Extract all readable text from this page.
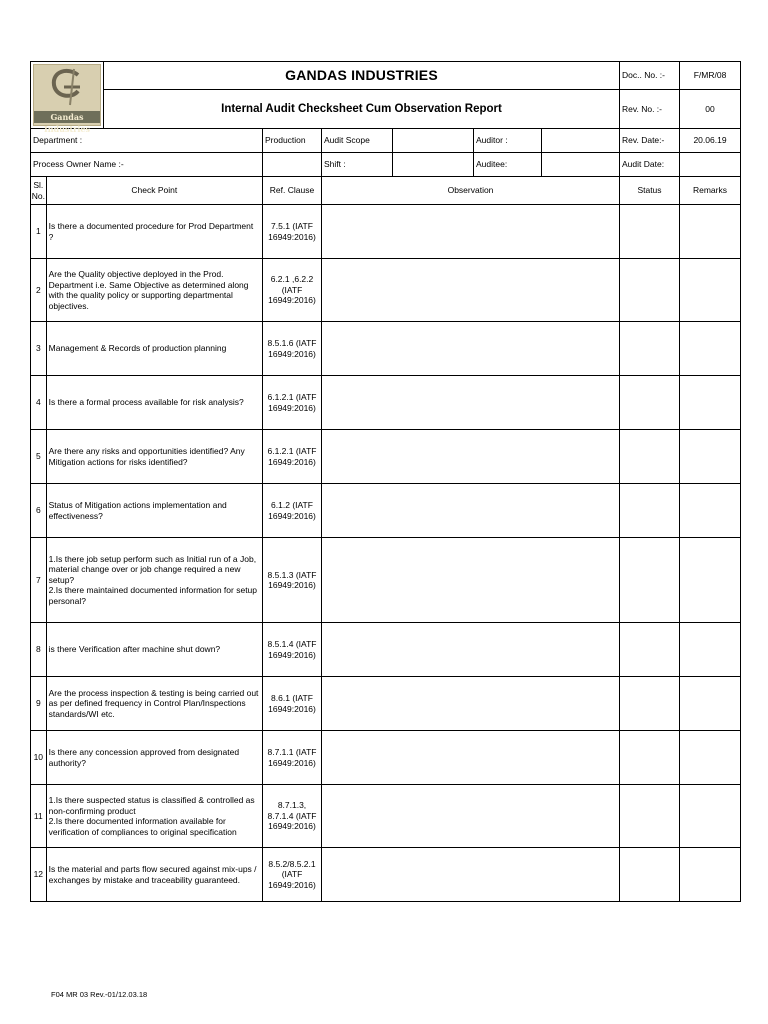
Gandas Industries		GANDAS INDUSTRIES						Doc.. No. :-	F/MR/08
		Internal Audit Checksheet Cum Observation Report						Rev. No. :-	00
Department :			Production	Audit Scope		Auditor :		Rev. Date:-	20.06.19
Process Owner Name :-				Shift :		Auditee:		Audit Date:	
Sl. No.	Check Point		Ref. Clause	Observation				Status	Remarks
1	Is there a documented procedure for Prod Department ?		7.5.1 (IATF 16949:2016)						
2	Are the Quality objective deployed in the Prod. Department i.e. Same Objective as determined along with the quality policy or supporting departmental objectives.		6.2.1 ,6.2.2 (IATF 16949:2016)						
3	Management & Records of production planning		8.5.1.6 (IATF 16949:2016)						
4	Is there a formal process available for risk analysis?		6.1.2.1 (IATF 16949:2016)						
5	Are there any risks and opportunities identified? Any Mitigation actions for risks identified?		6.1.2.1 (IATF 16949:2016)						
6	Status of Mitigation actions implementation and effectiveness?		6.1.2 (IATF 16949:2016)						
7	1.Is there job setup perform such as Initial run of a Job, material change over or job change required a new setup?
2.Is there maintained documented information for setup personal?		8.5.1.3 (IATF 16949:2016)						
8	is there Verification after machine shut down?		8.5.1.4 (IATF 16949:2016)						
9	Are the process inspection & testing is being carried out as per defined frequency in Control Plan/Inspections standards/WI etc.		8.6.1 (IATF 16949:2016)						
10	Is there any concession approved from designated authority?		8.7.1.1 (IATF 16949:2016)						
11	1.Is there suspected status is classified & controlled as non-confirming product
2.Is there documented information available for verification of compliances to original specification		8.7.1.3, 8.7.1.4 (IATF 16949:2016)						
12	Is the material and parts flow secured against mix-ups / exchanges by mistake and traceability guaranteed.		8.5.2/8.5.2.1 (IATF 16949:2016)						
F04 MR 03 Rev.-01/12.03.18
